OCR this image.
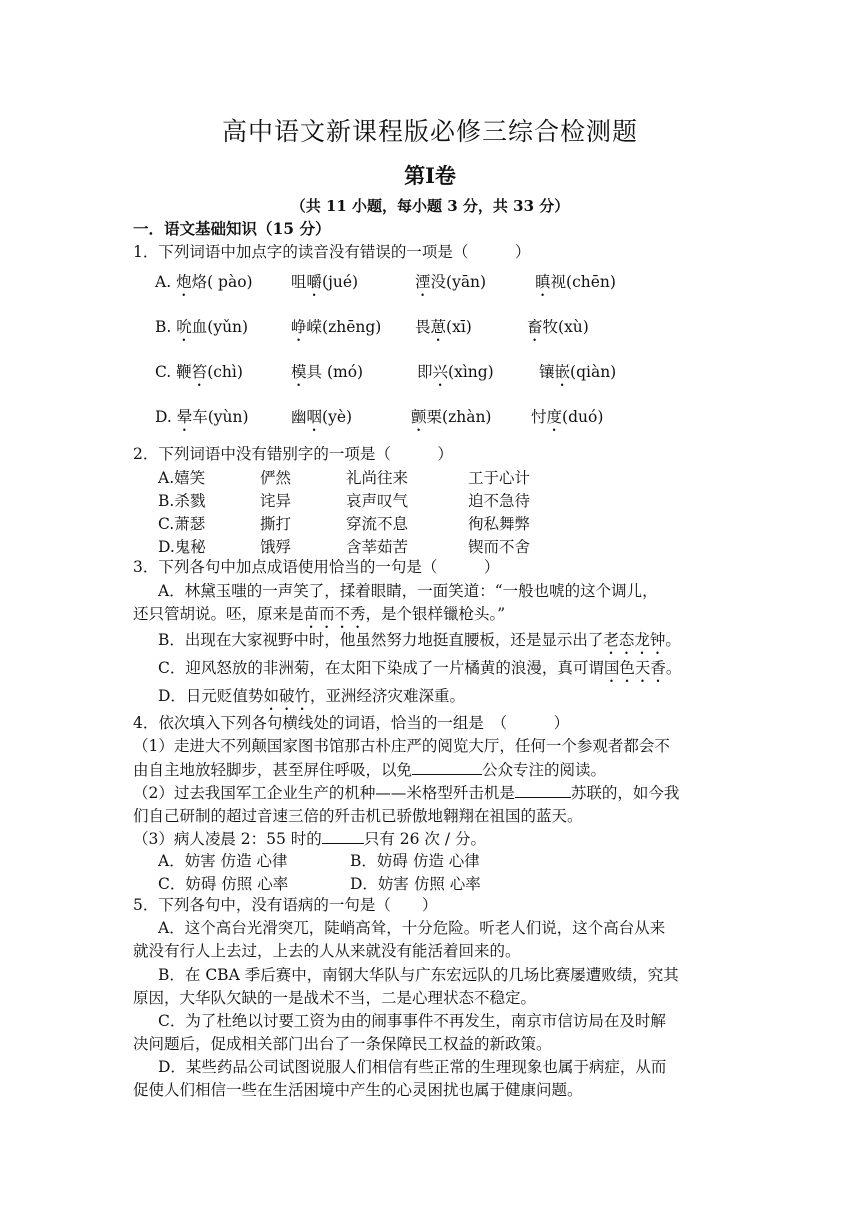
高中语文新课程版必修三综合检测题
第Ⅰ卷
（共 11 小题，每小题 3 分，共 33 分）
一．语文基础知识（15 分）
1．下列词语中加点字的读音没有错误的一项是（　　　）
A. 炮烙( pào) 咀嚼(jué)	湮没(yān)	瞋视(chēn)
B. 吮血(yǔn)	峥嵘(zhēng) 畏葸(xī)	畜牧(xù)
C. 鞭笞(chì)	模具 (mó)	即兴(xìng)	镶嵌(qiàn)
D. 晕车(yùn)	幽咽(yè)	颤栗(zhàn)	忖度(duó)
2．下列词语中没有错别字的一项是（　　　）
A.嬉笑	俨然	礼尚往来	工于心计
B.杀戮	诧异	哀声叹气	迫不急待
C.萧瑟	撕打	穿流不息	徇私舞弊
D.鬼秘	饿殍	含莘茹苦	锲而不舍
3．下列各句中加点成语使用恰当的一句是（　　　）
A．林黛玉嗤的一声笑了，揉着眼睛，一面笑道：“一般也唬的这个调儿，
还只管胡说。呸，原来是苗而不秀，是个银样镴枪头。”
B．出现在大家视野中时，他虽然努力地挺直腰板，还是显示出了老态龙钟。
C．迎风怒放的非洲菊，在太阳下染成了一片橘黄的浪漫，真可谓国色天香。
D．日元贬值势如破竹，亚洲经济灾难深重。
4．依次填入下列各句横线处的词语，恰当的一组是　（　　　）
（1）走进大不列颠国家图书馆那古朴庄严的阅览大厅，任何一个参观者都会不
由自主地放轻脚步，甚至屏住呼吸，以免	公众专注的阅读。
（2）过去我国军工企业生产的机种——米格型歼击机是	苏联的，如今我
们自己研制的超过音速三倍的歼击机已骄傲地翱翔在祖国的蓝天。
（3）病人凌晨 2：55 时的	只有 26 次 / 分。
A．妨害 仿造 心律	B．妨碍 仿造 心律
C．妨碍 仿照 心率	D．妨害 仿照 心率
5．下列各句中，没有语病的一句是（　　）
A．这个高台光滑突兀，陡峭高耸，十分危险。听老人们说，这个高台从来
就没有行人上去过，上去的人从来就没有能活着回来的。
B．在 CBA 季后赛中，南钢大华队与广东宏远队的几场比赛屡遭败绩，究其
原因，大华队欠缺的一是战术不当，二是心理状态不稳定。
C．为了杜绝以讨要工资为由的闹事事件不再发生，南京市信访局在及时解
决问题后，促成相关部门出台了一条保障民工权益的新政策。
D．某些药品公司试图说服人们相信有些正常的生理现象也属于病症，从而
促使人们相信一些在生活困境中产生的心灵困扰也属于健康问题。
